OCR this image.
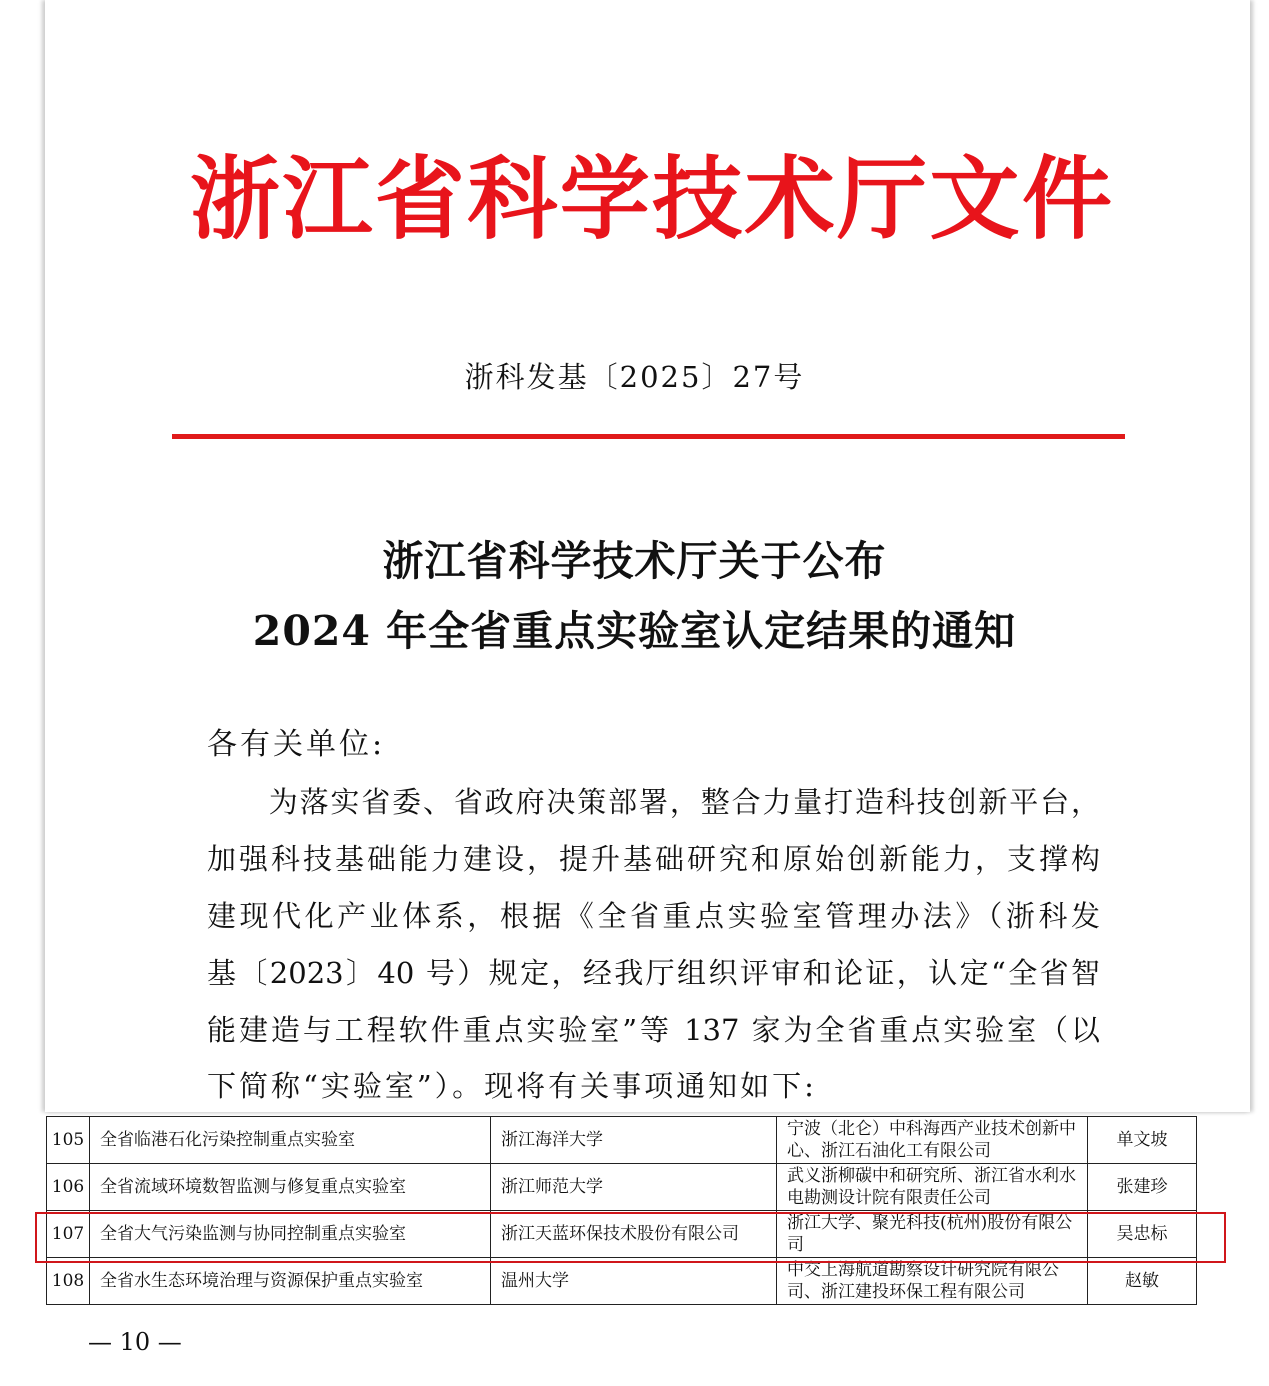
浙江省科学技术厅文件
浙科发基〔2025〕27号
浙江省科学技术厅关于公布
2024 年全省重点实验室认定结果的通知
各有关单位:
　　为落实省委、省政府决策部署，整合力量打造科技创新平台，
加强科技基础能力建设，提升基础研究和原始创新能力，支撑构
建现代化产业体系，根据《全省重点实验室管理办法》（浙科发
基〔2023〕40 号）规定，经我厅组织评审和论证，认定“全省智
能建造与工程软件重点实验室”等 137 家为全省重点实验室（以
下简称“实验室”）。现将有关事项通知如下:
105	全省临港石化污染控制重点实验室	浙江海洋大学	宁波（北仑）中科海西产业技术创新中心、浙江石油化工有限公司	单文坡
106	全省流域环境数智监测与修复重点实验室	浙江师范大学	武义浙柳碳中和研究所、浙江省水利水电勘测设计院有限责任公司	张建珍
107	全省大气污染监测与协同控制重点实验室	浙江天蓝环保技术股份有限公司	浙江大学、聚光科技(杭州)股份有限公司	吴忠标
108	全省水生态环境治理与资源保护重点实验室	温州大学	中交上海航道勘察设计研究院有限公司、浙江建投环保工程有限公司	赵敏
— 10 —
